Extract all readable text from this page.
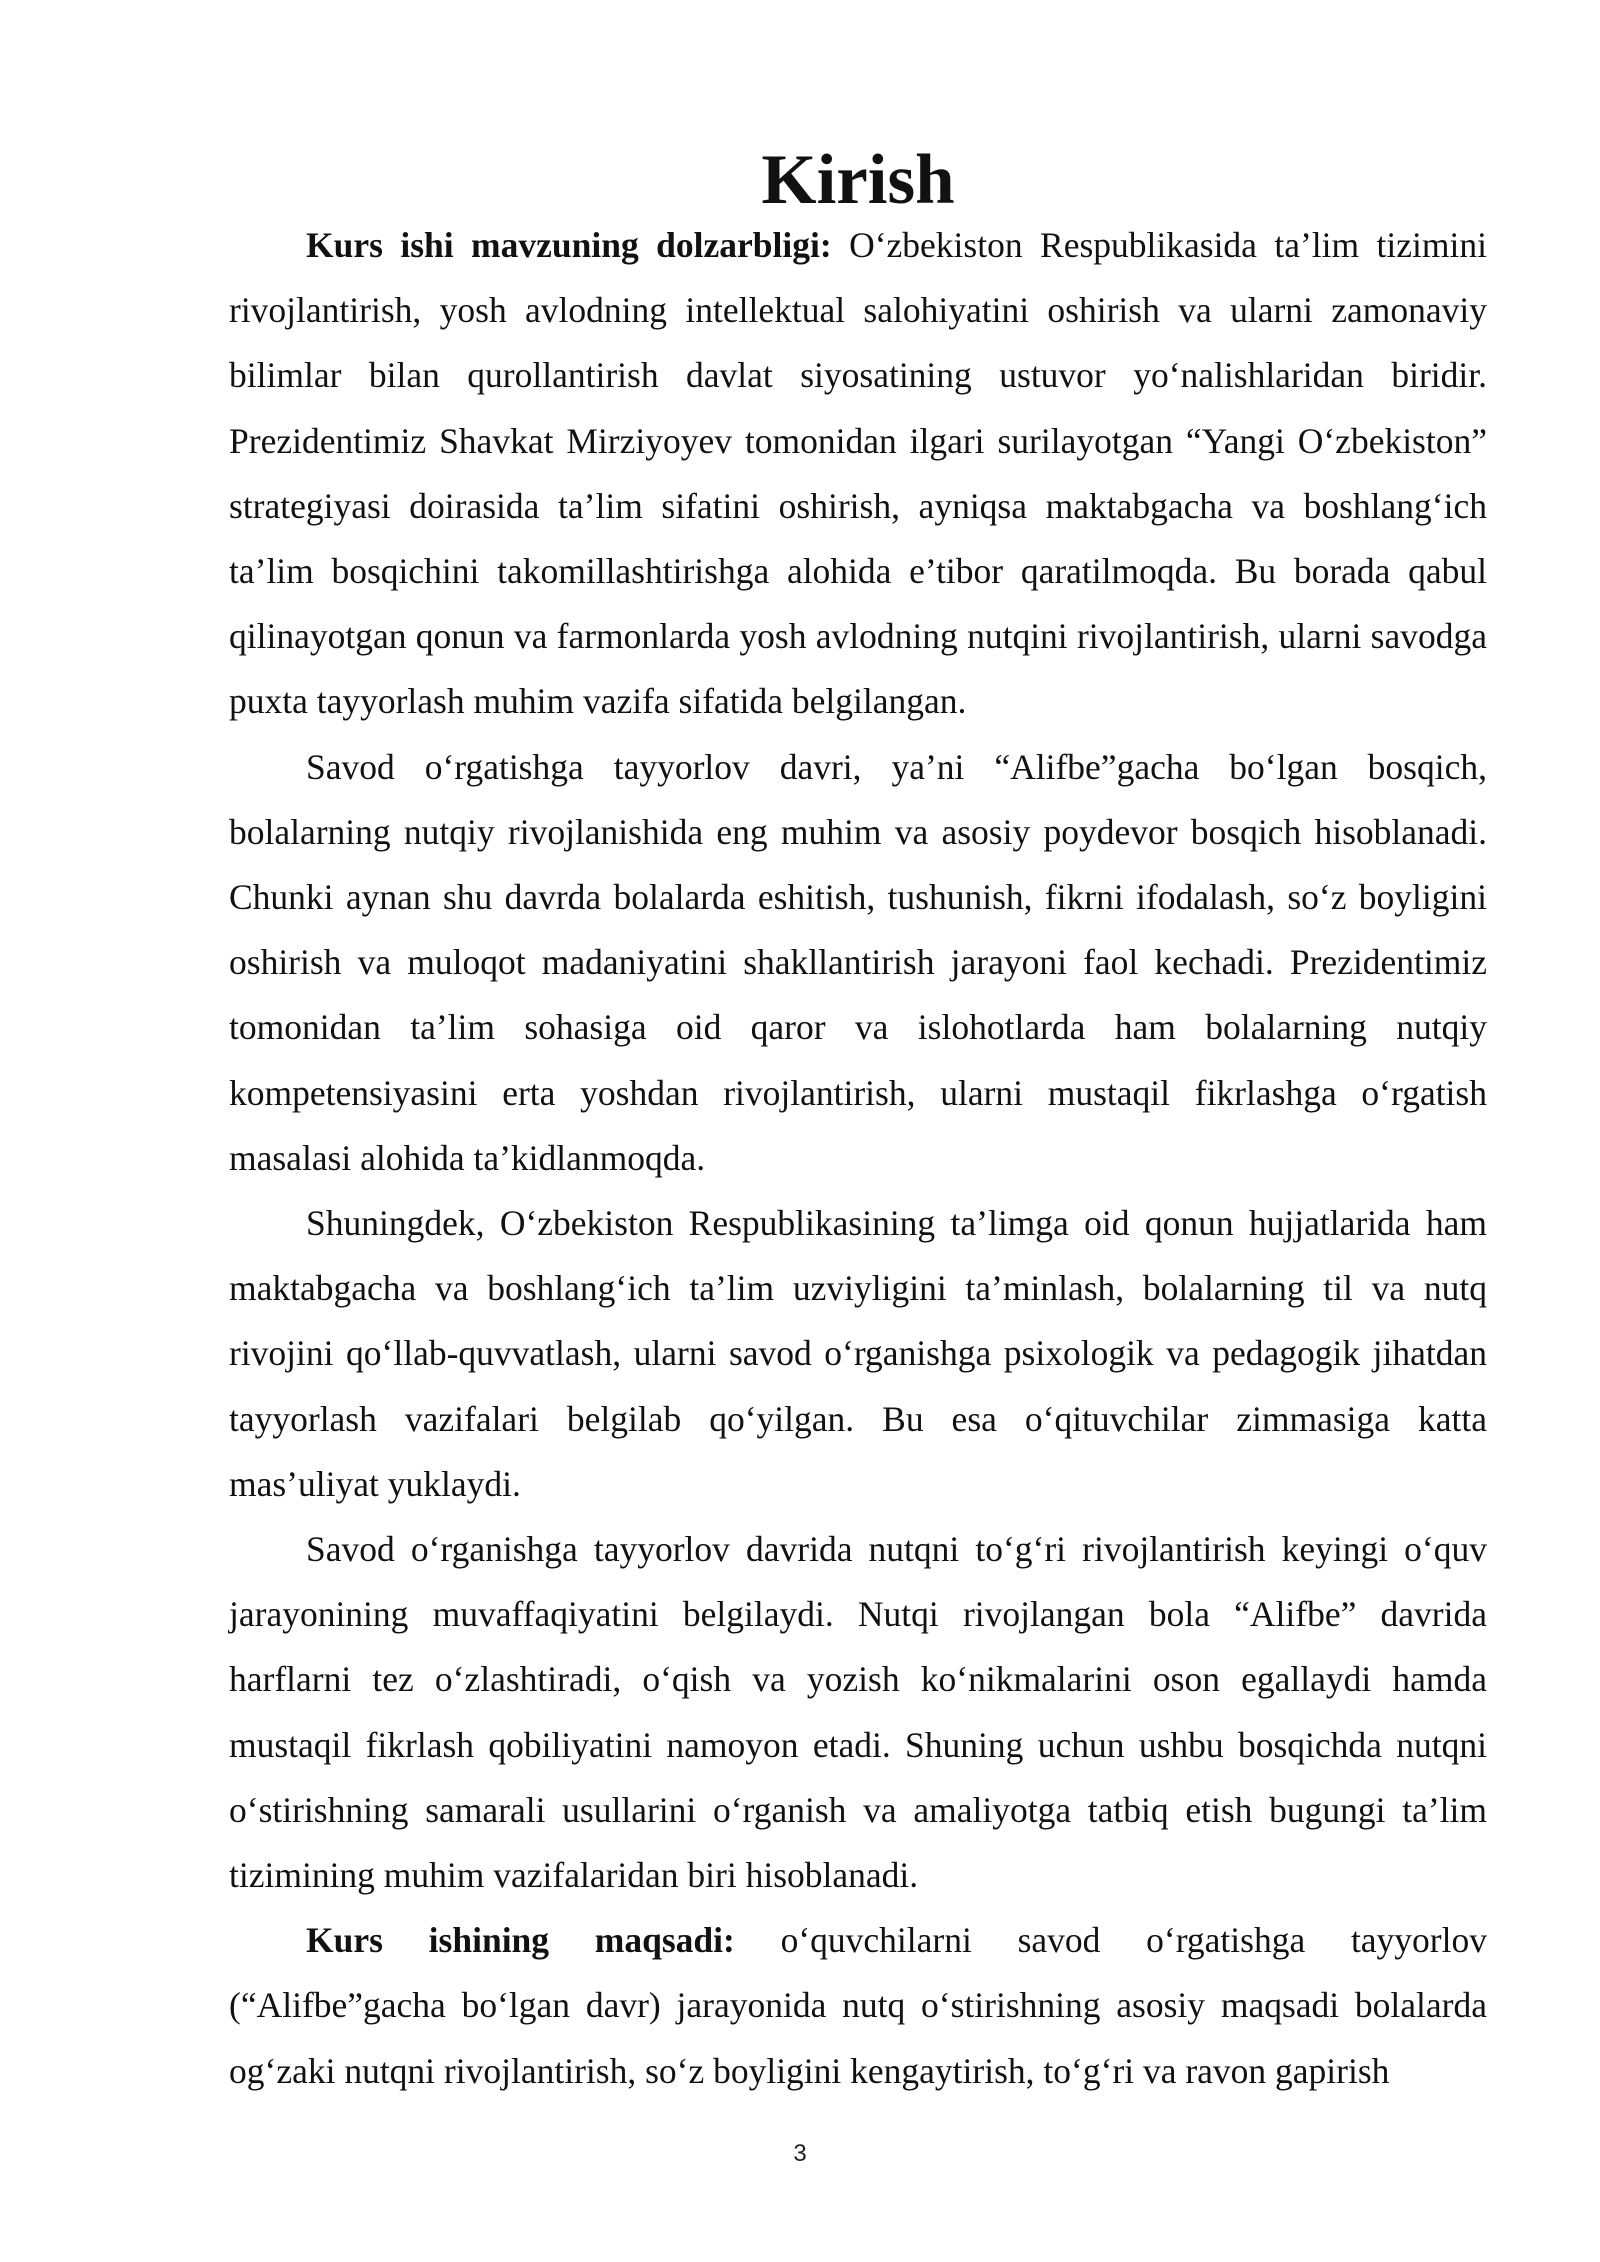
Kirish

Kurs ishi mavzuning dolzarbligi: O‘zbekiston Respublikasida ta’lim tizimini rivojlantirish, yosh avlodning intellektual salohiyatini oshirish va ularni zamonaviy bilimlar bilan qurollantirish davlat siyosatining ustuvor yo‘nalishlaridan biridir. Prezidentimiz Shavkat Mirziyoyev tomonidan ilgari surilayotgan “Yangi O‘zbekiston” strategiyasi doirasida ta’lim sifatini oshirish, ayniqsa maktabgacha va boshlang‘ich ta’lim bosqichini takomillashtirishga alohida e’tibor qaratilmoqda. Bu borada qabul qilinayotgan qonun va farmonlarda yosh avlodning nutqini rivojlantirish, ularni savodga puxta tayyorlash muhim vazifa sifatida belgilangan.

Savod o‘rgatishga tayyorlov davri, ya’ni “Alifbe”gacha bo‘lgan bosqich, bolalarning nutqiy rivojlanishida eng muhim va asosiy poydevor bosqich hisoblanadi. Chunki aynan shu davrda bolalarda eshitish, tushunish, fikrni ifodalash, so‘z boyligini oshirish va muloqot madaniyatini shakllantirish jarayoni faol kechadi. Prezidentimiz tomonidan ta’lim sohasiga oid qaror va islohotlarda ham bolalarning nutqiy kompetensiyasini erta yoshdan rivojlantirish, ularni mustaqil fikrlashga o‘rgatish masalasi alohida ta’kidlanmoqda.

Shuningdek, O‘zbekiston Respublikasining ta’limga oid qonun hujjatlarida ham maktabgacha va boshlang‘ich ta’lim uzviyligini ta’minlash, bolalarning til va nutq rivojini qo‘llab-quvvatlash, ularni savod o‘rganishga psixologik va pedagogik jihatdan tayyorlash vazifalari belgilab qo‘yilgan. Bu esa o‘qituvchilar zimmasiga katta mas’uliyat yuklaydi.

Savod o‘rganishga tayyorlov davrida nutqni to‘g‘ri rivojlantirish keyingi o‘quv jarayonining muvaffaqiyatini belgilaydi. Nutqi rivojlangan bola “Alifbe” davrida harflarni tez o‘zlashtiradi, o‘qish va yozish ko‘nikmalarini oson egallaydi hamda mustaqil fikrlash qobiliyatini namoyon etadi. Shuning uchun ushbu bosqichda nutqni o‘stirishning samarali usullarini o‘rganish va amaliyotga tatbiq etish bugungi ta’lim tizimining muhim vazifalaridan biri hisoblanadi.

Kurs ishining maqsadi: o‘quvchilarni savod o‘rgatishga tayyorlov (“Alifbe”gacha bo‘lgan davr) jarayonida nutq o‘stirishning asosiy maqsadi bolalarda og‘zaki nutqni rivojlantirish, so‘z boyligini kengaytirish, to‘g‘ri va ravon gapirish

3
